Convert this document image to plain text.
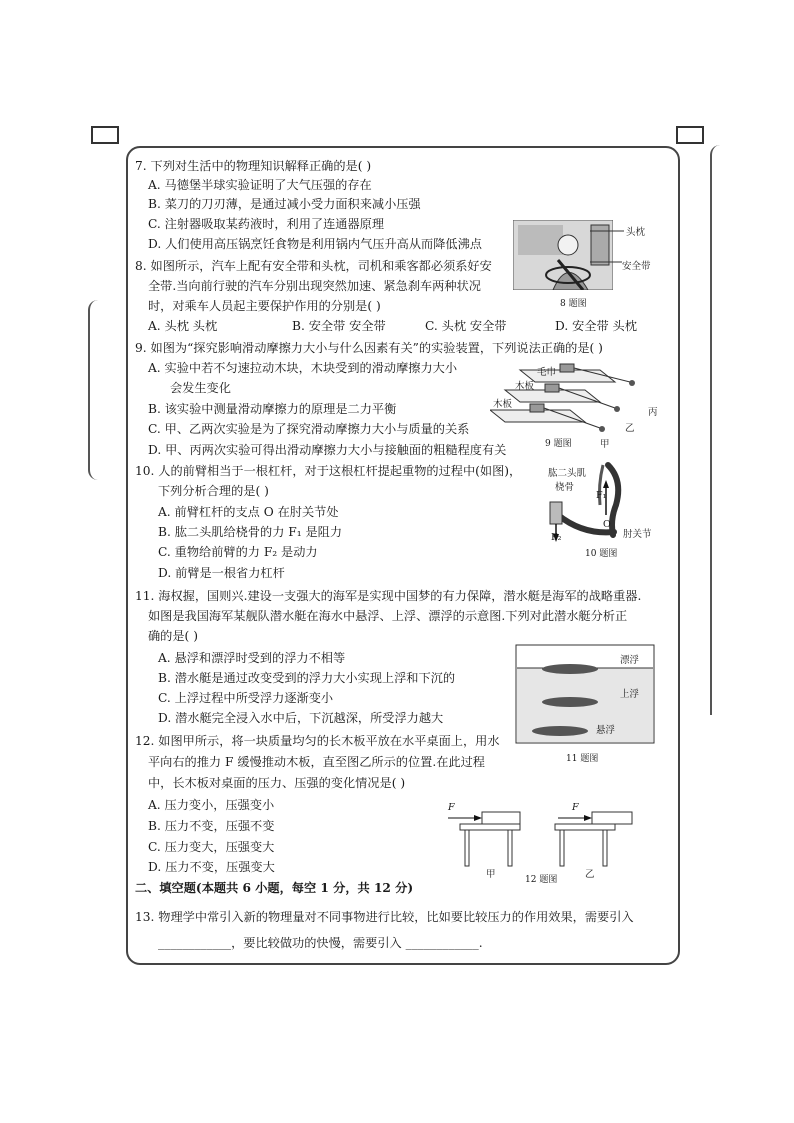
7. 下列对生活中的物理知识解释正确的是( )
A. 马德堡半球实验证明了大气压强的存在
B. 菜刀的刀刃薄，是通过减小受力面积来减小压强
C. 注射器吸取某药液时，利用了连通器原理
D. 人们使用高压锅烹饪食物是利用锅内气压升高从而降低沸点
8. 如图所示，汽车上配有安全带和头枕，司机和乘客都必须系好安
全带.当向前行驶的汽车分别出现突然加速、紧急刹车两种状况
时，对乘车人员起主要保护作用的分别是( )
A. 头枕 头枕	B. 安全带 安全带	C. 头枕 安全带	D. 安全带 头枕
头枕
安全带
8 题图
9. 如图为“探究影响滑动摩擦力大小与什么因素有关”的实验装置，下列说法正确的是( )
A. 实验中若不匀速拉动木块，木块受到的滑动摩擦力大小
会发生变化
B. 该实验中测量滑动摩擦力的原理是二力平衡
C. 甲、乙两次实验是为了探究滑动摩擦力大小与质量的关系
D. 甲、丙两次实验可得出滑动摩擦力大小与接触面的粗糙程度有关
毛巾
木板
木板
丙
乙
甲
9 题图
10. 人的前臂相当于一根杠杆，对于这根杠杆提起重物的过程中(如图)，
下列分析合理的是( )
A. 前臂杠杆的支点 O 在肘关节处
B. 肱二头肌给桡骨的力 F₁ 是阻力
C. 重物给前臂的力 F₂ 是动力
D. 前臂是一根省力杠杆
肱二头肌
桡骨
F₁
O
肘关节
F₂
10 题图
11. 海权握，国则兴.建设一支强大的海军是实现中国梦的有力保障，潜水艇是海军的战略重器.
如图是我国海军某舰队潜水艇在海水中悬浮、上浮、漂浮的示意图.下列对此潜水艇分析正
确的是( )
A. 悬浮和漂浮时受到的浮力不相等
B. 潜水艇是通过改变受到的浮力大小实现上浮和下沉的
C. 上浮过程中所受浮力逐渐变小
D. 潜水艇完全浸入水中后，下沉越深，所受浮力越大
漂浮
上浮
悬浮
11 题图
12. 如图甲所示，将一块质量均匀的长木板平放在水平桌面上，用水
平向右的推力 F 缓慢推动木板，直至图乙所示的位置.在此过程
中，长木板对桌面的压力、压强的变化情况是( )
A. 压力变小，压强变小
B. 压力不变，压强不变
C. 压力变大，压强变大
D. 压力不变，压强变大
F	F
甲	乙
12 题图
二、填空题(本题共 6 小题，每空 1 分，共 12 分)
13. 物理学中常引入新的物理量对不同事物进行比较，比如要比较压力的作用效果，需要引入
____________，要比较做功的快慢，需要引入 ____________.
